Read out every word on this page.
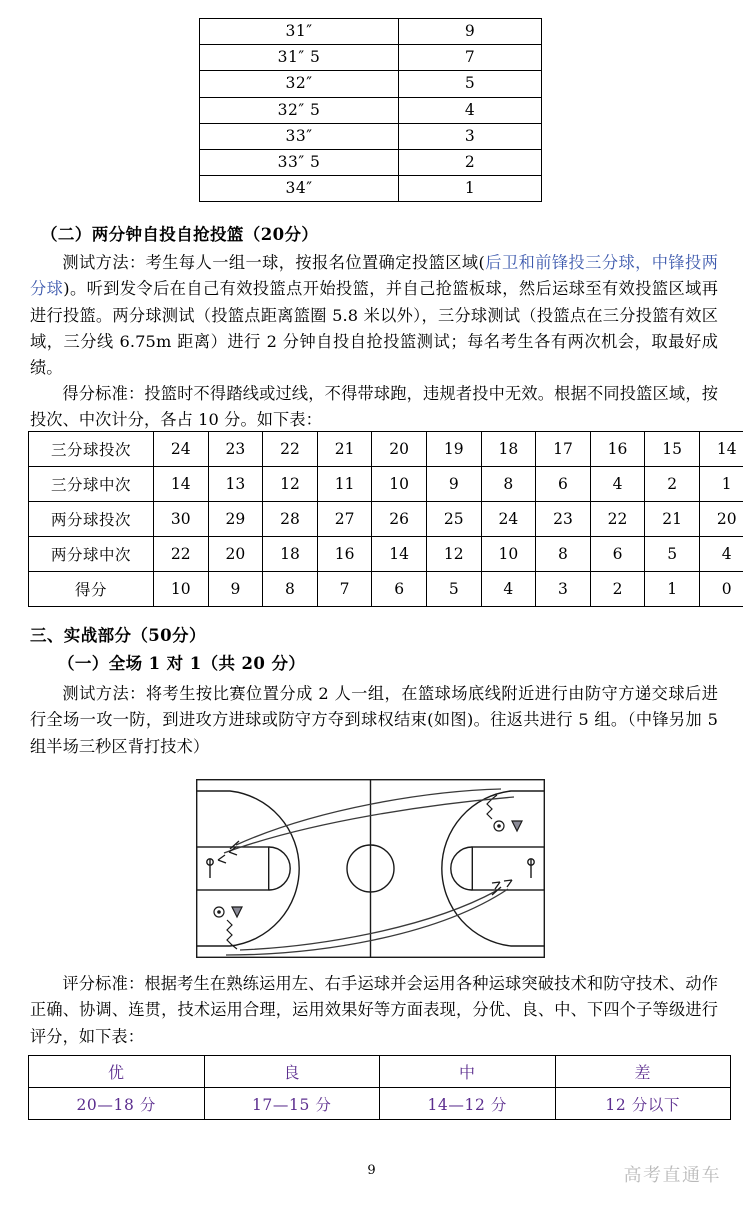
31″	9
31″ 5	7
32″	5
32″ 5	4
33″	3
33″ 5	2
34″	1
（二）两分钟自投自抢投篮（20分）
测试方法：考生每人一组一球，按报名位置确定投篮区域(后卫和前锋投三分球，中锋投两分球)。听到发令后在自己有效投篮点开始投篮，并自己抢篮板球，然后运球至有效投篮区域再进行投篮。两分球测试（投篮点距离篮圈 5.8 米以外），三分球测试（投篮点在三分投篮有效区域，三分线 6.75m 距离）进行 2 分钟自投自抢投篮测试；每名考生各有两次机会，取最好成绩。
得分标准：投篮时不得踏线或过线，不得带球跑，违规者投中无效。根据不同投篮区域，按投次、中次计分，各占 10 分。如下表：
三分球投次	24	23	22	21	20	19	18	17	16	15	14
三分球中次	14	13	12	11	10	9	8	6	4	2	1
两分球投次	30	29	28	27	26	25	24	23	22	21	20
两分球中次	22	20	18	16	14	12	10	8	6	5	4
得分	10	9	8	7	6	5	4	3	2	1	0
三、实战部分（50分）
（一）全场 1 对 1（共 20 分）
测试方法：将考生按比赛位置分成 2 人一组，在篮球场底线附近进行由防守方递交球后进行全场一攻一防，到进攻方进球或防守方夺到球权结束(如图)。往返共进行 5 组。（中锋另加 5 组半场三秒区背打技术）
评分标准：根据考生在熟练运用左、右手运球并会运用各种运球突破技术和防守技术、动作正确、协调、连贯，技术运用合理，运用效果好等方面表现，分优、良、中、下四个子等级进行评分，如下表：
优	良	中	差
20—18 分	17—15 分	14—12 分	12 分以下
9	高考直通车
